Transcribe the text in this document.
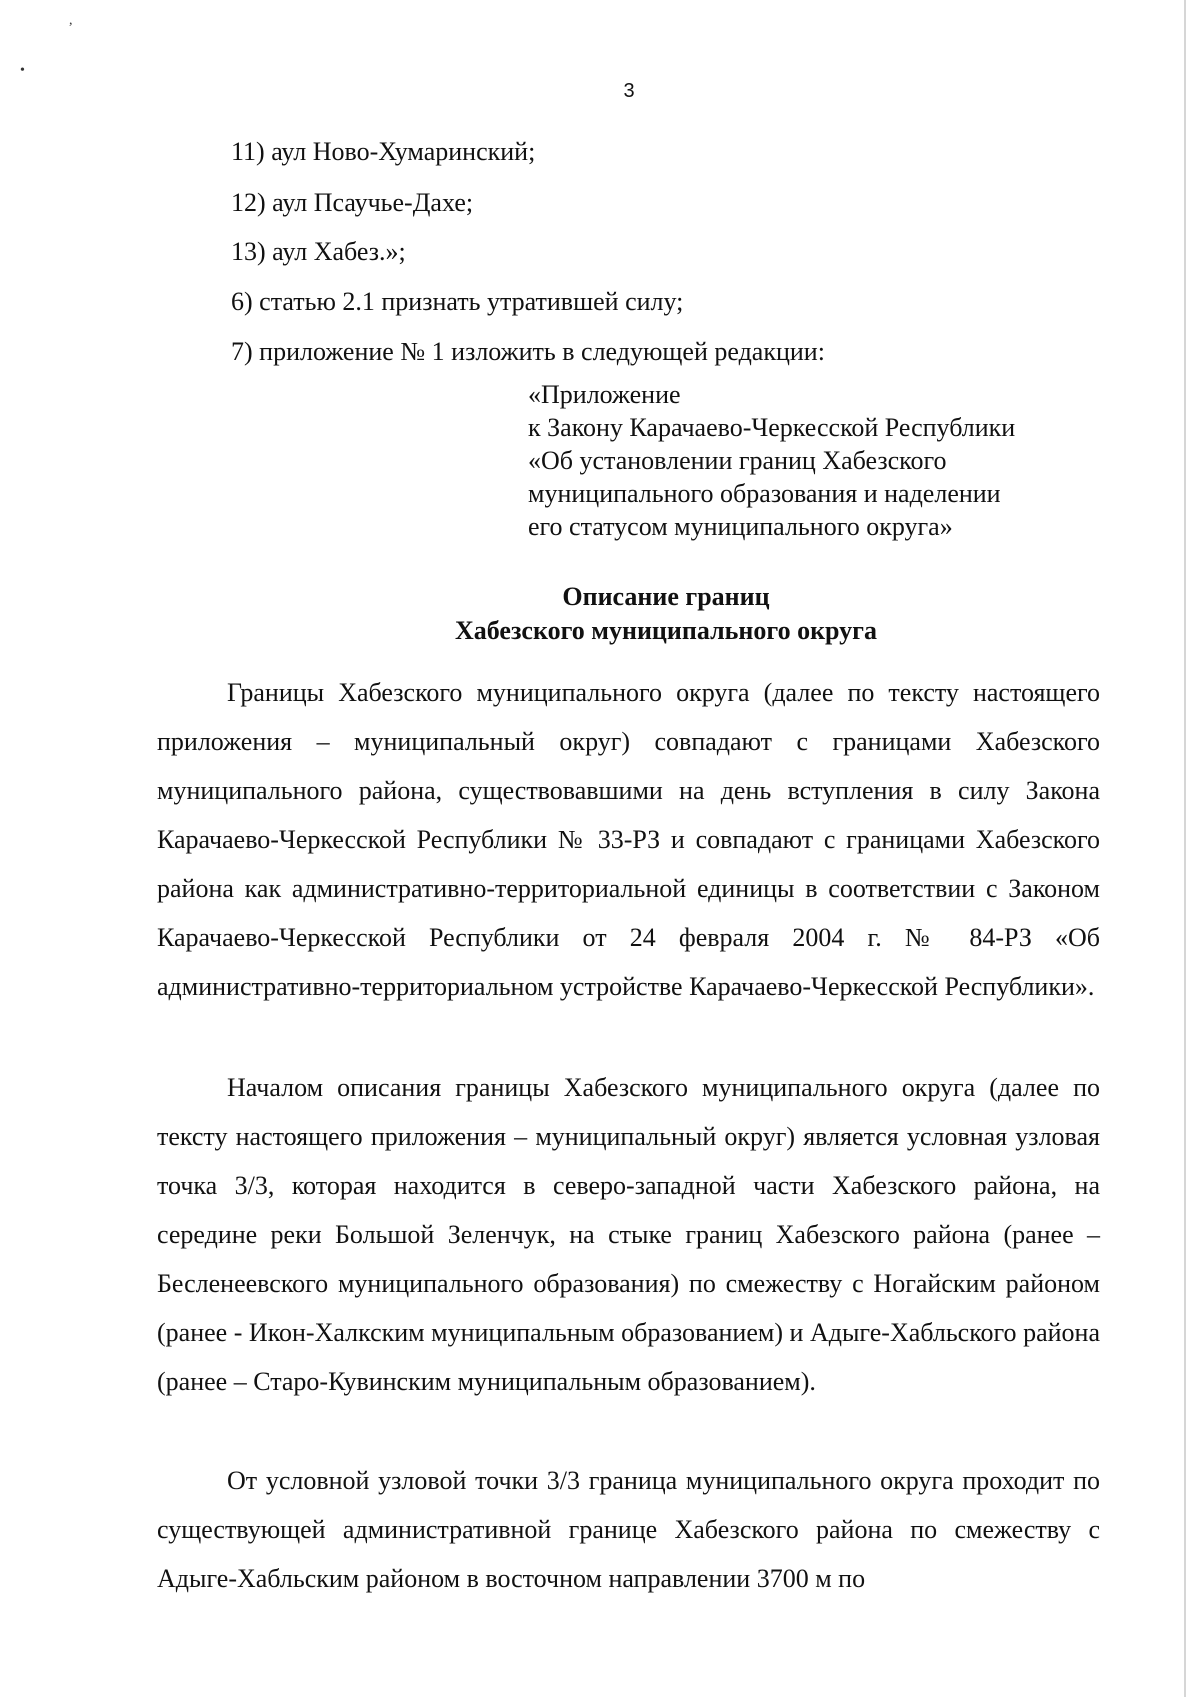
,
•
3
11) аул Ново-Хумаринский;
12) аул Псаучье-Дахе;
13) аул Хабез.»;
6) статью 2.1 признать утратившей силу;
7) приложение № 1 изложить в следующей редакции:
«Приложение
к Закону Карачаево-Черкесской Республики
«Об установлении границ Хабезского
муниципального образования и наделении
его статусом муниципального округа»
Описание границ
Хабезского муниципального округа
Границы Хабезского муниципального округа (далее по тексту настоящего приложения – муниципальный округ) совпадают с границами Хабезского муниципального района, существовавшими на день вступления в силу Закона Карачаево-Черкесской Республики № 33-РЗ и совпадают с границами Хабезского района как административно-территориальной единицы в соответствии с Законом Карачаево-Черкесской Республики от 24 февраля 2004 г. № 84-РЗ «Об административно-территориальном устройстве Карачаево-Черкесской Республики».
Началом описания границы Хабезского муниципального округа (далее по тексту настоящего приложения – муниципальный округ) является условная узловая точка 3/3, которая находится в северо-западной части Хабезского района, на середине реки Большой Зеленчук, на стыке границ Хабезского района (ранее – Бесленеевского муниципального образования) по смежеству с Ногайским районом (ранее - Икон-Халкским муниципальным образованием) и Адыге-Хабльского района (ранее – Старо-Кувинским муниципальным образованием).
От условной узловой точки 3/3 граница муниципального округа проходит по существующей административной границе Хабезского района по смежеству с Адыге-Хабльским районом в восточном направлении 3700 м по
